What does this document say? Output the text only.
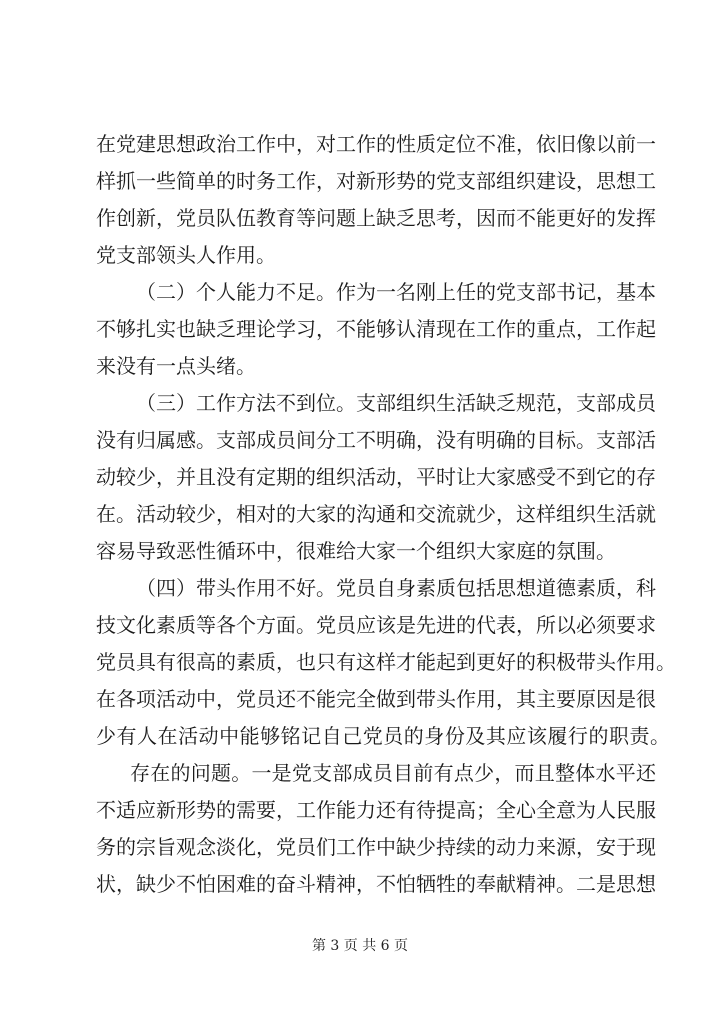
在党建思想政治工作中，对工作的性质定位不准，依旧像以前一
样抓一些简单的时务工作，对新形势的党支部组织建设，思想工
作创新，党员队伍教育等问题上缺乏思考，因而不能更好的发挥
党支部领头人作用。
（二）个人能力不足。作为一名刚上任的党支部书记，基本
不够扎实也缺乏理论学习，不能够认清现在工作的重点，工作起
来没有一点头绪。
（三）工作方法不到位。支部组织生活缺乏规范，支部成员
没有归属感。支部成员间分工不明确，没有明确的目标。支部活
动较少，并且没有定期的组织活动，平时让大家感受不到它的存
在。活动较少，相对的大家的沟通和交流就少，这样组织生活就
容易导致恶性循环中，很难给大家一个组织大家庭的氛围。
（四）带头作用不好。党员自身素质包括思想道德素质，科
技文化素质等各个方面。党员应该是先进的代表，所以必须要求
党员具有很高的素质，也只有这样才能起到更好的积极带头作用。
在各项活动中，党员还不能完全做到带头作用，其主要原因是很
少有人在活动中能够铭记自己党员的身份及其应该履行的职责。
存在的问题。一是党支部成员目前有点少，而且整体水平还
不适应新形势的需要，工作能力还有待提高；全心全意为人民服
务的宗旨观念淡化，党员们工作中缺少持续的动力来源，安于现
状，缺少不怕困难的奋斗精神，不怕牺牲的奉献精神。二是思想
第 3 页 共 6 页
